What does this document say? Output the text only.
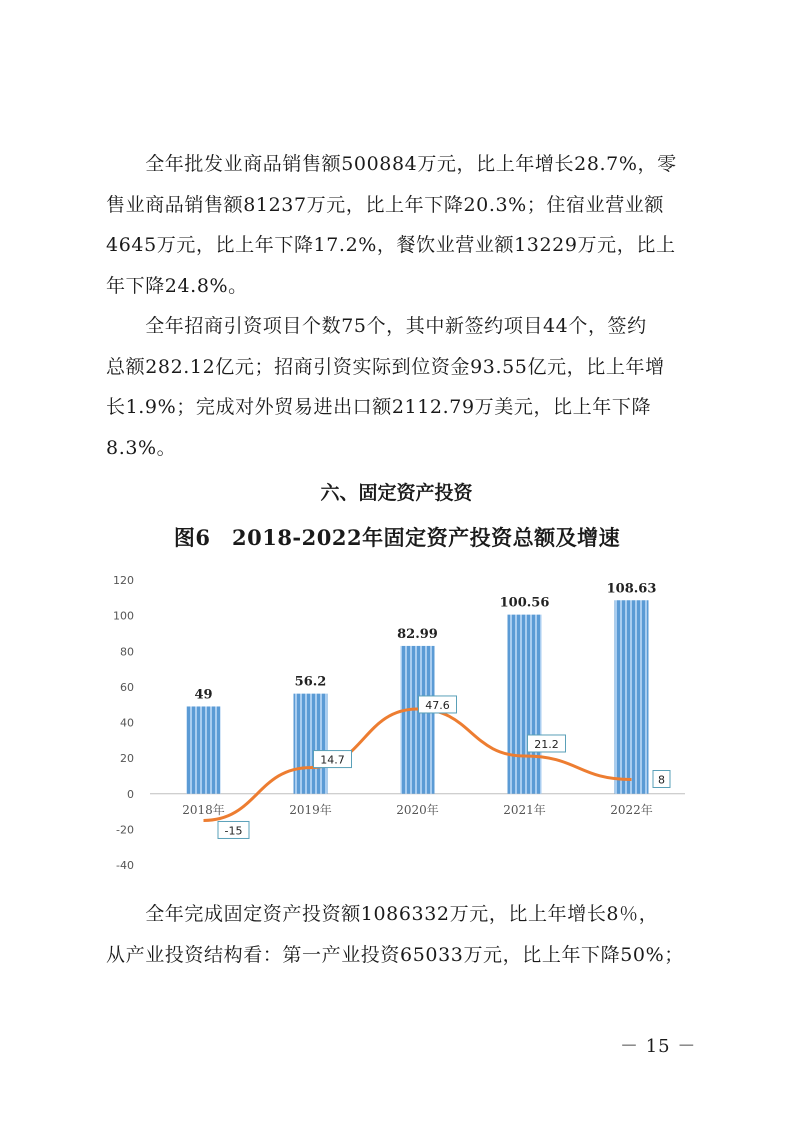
　　全年批发业商品销售额500884万元，比上年增长28.7%，零
售业商品销售额81237万元，比上年下降20.3%；住宿业营业额
4645万元，比上年下降17.2%，餐饮业营业额13229万元，比上
年下降24.8%。
　　全年招商引资项目个数75个，其中新签约项目44个，签约
总额282.12亿元；招商引资实际到位资金93.55亿元，比上年增
长1.9%；完成对外贸易进出口额2112.79万美元，比上年下降
8.3%。
六、固定资产投资
图6　2018-2022年固定资产投资总额及增速
-40
-20
0
20
40
60
80
100
120
49
56.2
82.99
100.56
108.63
2018年	2019年	2020年	2021年	2022年
-15
14.7
47.6
21.2
8
　　全年完成固定资产投资额1086332万元，比上年增长8％，
从产业投资结构看：第一产业投资65033万元，比上年下降50%；
－ 15 －
